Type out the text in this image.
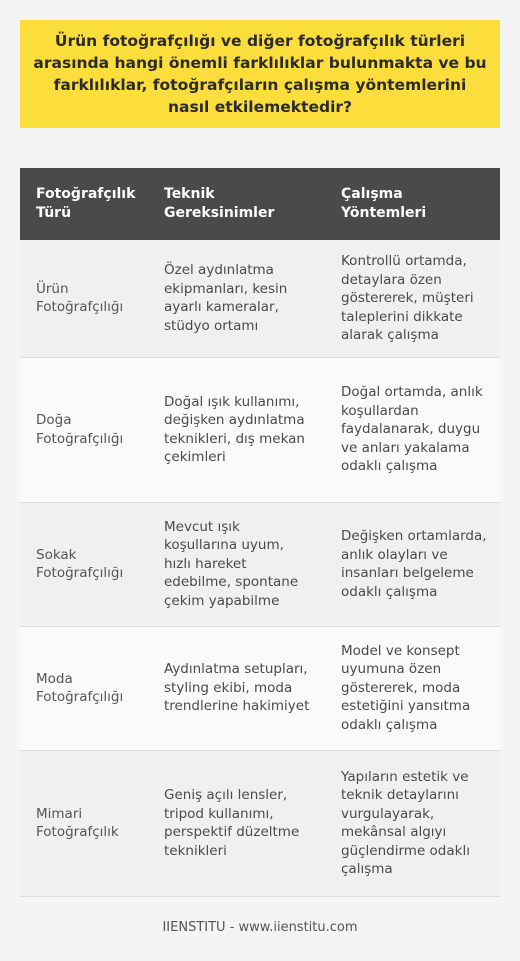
Ürün fotoğrafçılığı ve diğer fotoğrafçılık türleri arasında hangi önemli farklılıklar bulunmakta ve bu farklılıklar, fotoğrafçıların çalışma yöntemlerini nasıl etkilemektedir?

Fotoğrafçılık Türü	Teknik Gereksinimler	Çalışma Yöntemleri
Ürün Fotoğrafçılığı	Özel aydınlatma ekipmanları, kesin ayarlı kameralar, stüdyo ortamı	Kontrollü ortamda, detaylara özen göstererek, müşteri taleplerini dikkate alarak çalışma
Doğa Fotoğrafçılığı	Doğal ışık kullanımı, değişken aydınlatma teknikleri, dış mekan çekimleri	Doğal ortamda, anlık koşullardan faydalanarak, duygu ve anları yakalama odaklı çalışma
Sokak Fotoğrafçılığı	Mevcut ışık koşullarına uyum, hızlı hareket edebilme, spontane çekim yapabilme	Değişken ortamlarda, anlık olayları ve insanları belgeleme odaklı çalışma
Moda Fotoğrafçılığı	Aydınlatma setupları, styling ekibi, moda trendlerine hakimiyet	Model ve konsept uyumuna özen göstererek, moda estetiğini yansıtma odaklı çalışma
Mimari Fotoğrafçılık	Geniş açılı lensler, tripod kullanımı, perspektif düzeltme teknikleri	Yapıların estetik ve teknik detaylarını vurgulayarak, mekânsal algıyı güçlendirme odaklı çalışma
IIENSTITU - www.iienstitu.com
